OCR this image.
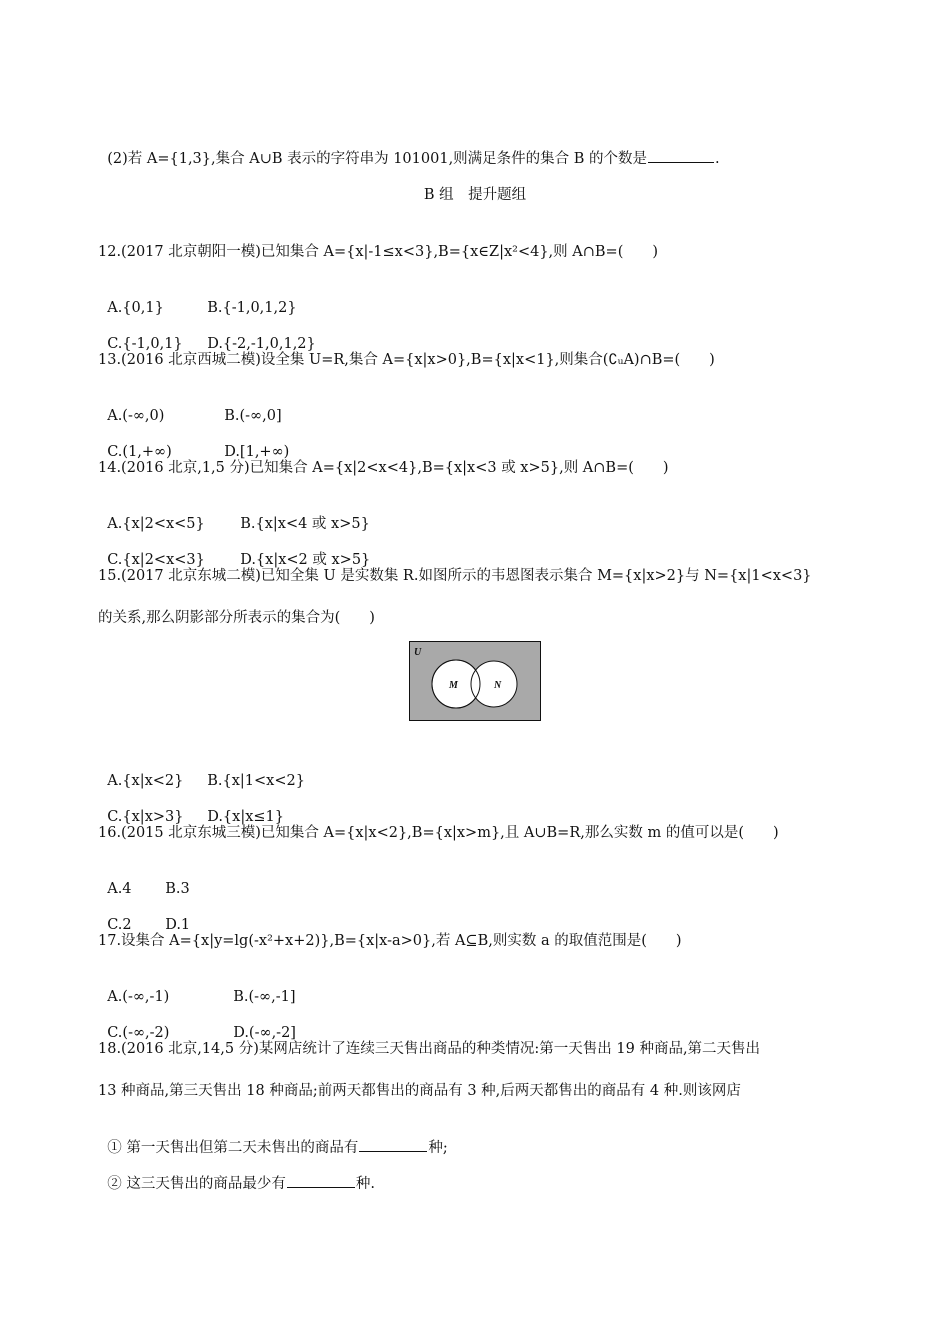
(2)若 A={1,3},集合 A∪B 表示的字符串为 101001,则满足条件的集合 B 的个数是	.

B 组　提升题组
12.(2017 北京朝阳一模)已知集合 A={x|-1≤x<3},B={x∈Z|x²<4},则 A∩B=(　　)

A.{0,1}	B.{-1,0,1,2}

C.{-1,0,1} D.{-2,-1,0,1,2}

13.(2016 北京西城二模)设全集 U=R,集合 A={x|x>0},B={x|x<1},则集合(∁ᵤA)∩B=(　　)

A.(-∞,0)	B.(-∞,0]

C.(1,+∞)	D.[1,+∞)

14.(2016 北京,1,5 分)已知集合 A={x|2<x<4},B={x|x<3 或 x>5},则 A∩B=(　　)

A.{x|2<x<5} B.{x|x<4 或 x>5}

C.{x|2<x<3} D.{x|x<2 或 x>5}

15.(2017 北京东城二模)已知全集 U 是实数集 R.如图所示的韦恩图表示集合 M={x|x>2}与 N={x|1<x<3}
的关系,那么阴影部分所表示的集合为(　　)
U
M	N

A.{x|x<2} B.{x|1<x<2}

C.{x|x>3} D.{x|x≤1}

16.(2015 北京东城三模)已知集合 A={x|x<2},B={x|x>m},且 A∪B=R,那么实数 m 的值可以是(　　)

A.4 B.3

C.2 D.1

17.设集合 A={x|y=lg(-x²+x+2)},B={x|x-a>0},若 A⊆B,则实数 a 的取值范围是(　　)

A.(-∞,-1)	B.(-∞,-1]

C.(-∞,-2)	D.(-∞,-2]

18.(2016 北京,14,5 分)某网店统计了连续三天售出商品的种类情况:第一天售出 19 种商品,第二天售出
13 种商品,第三天售出 18 种商品;前两天都售出的商品有 3 种,后两天都售出的商品有 4 种.则该网店

① 第一天售出但第二天未售出的商品有	种;

② 这三天售出的商品最少有	种.
